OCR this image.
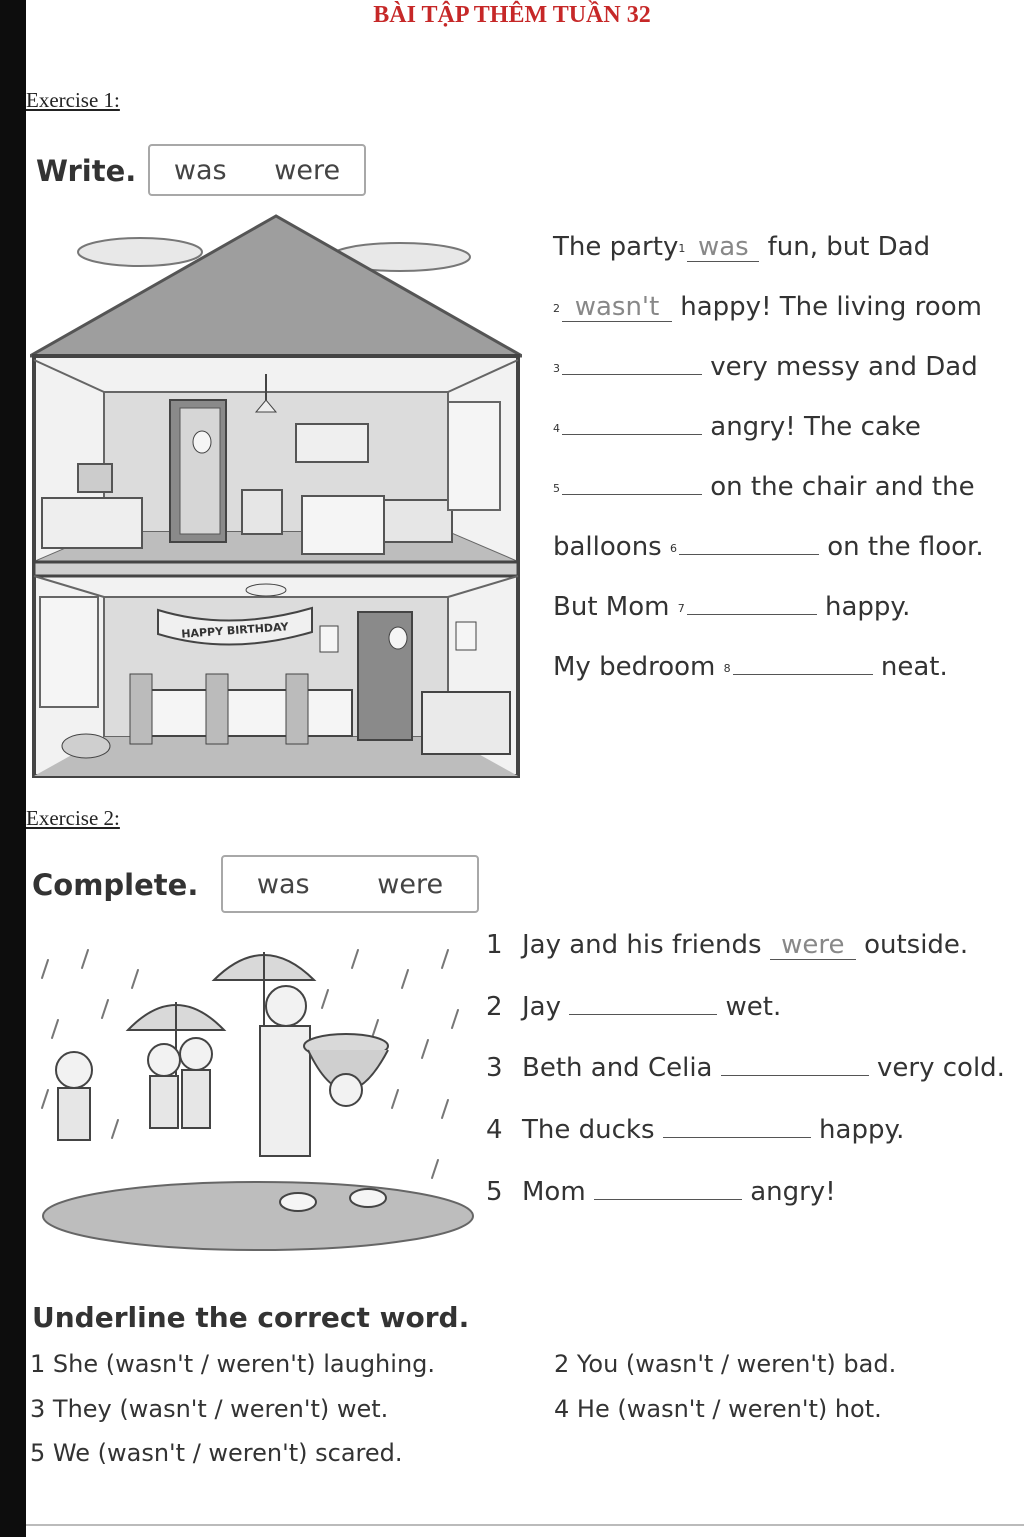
BÀI TẬP THÊM TUẦN 32
Exercise 1:
Write. was were
HAPPY BIRTHDAY
The party$^1$ was fun, but Dad
$^2$ wasn't happy! The living room
$^3$	very messy and Dad
$^4$	angry! The cake
$^5$	on the chair and the
balloons $^6$	on the floor.
But Mom $^7$	happy.
My bedroom $^8$	neat.
Exercise 2:
Complete. was	were
1 Jay and his friends were outside.
2 Jay	wet.
3 Beth and Celia	very cold.
4 The ducks	happy.
5 Mom	angry!
Underline the correct word.
1 She (wasn't / weren't) laughing.	2 You (wasn't / weren't) bad.
3 They (wasn't / weren't) wet.	4 He (wasn't / weren't) hot.
5 We (wasn't / weren't) scared.
